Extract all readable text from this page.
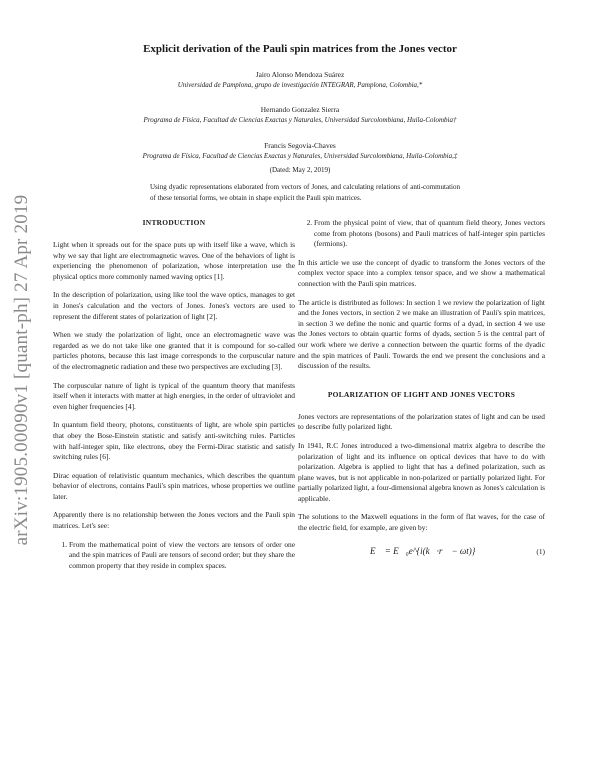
arXiv:1905.00090v1 [quant-ph] 27 Apr 2019
Explicit derivation of the Pauli spin matrices from the Jones vector
Jairo Alonso Mendoza Suárez
Universidad de Pamplona, grupo de investigación INTEGRAR, Pamplona, Colombia,*
Hernando Gonzalez Sierra
Programa de Física, Facultad de Ciencias Exactas y Naturales, Universidad Surcolombiana, Huila-Colombia†
Francis Segovia-Chaves
Programa de Física, Facultad de Ciencias Exactas y Naturales, Universidad Surcolombiana, Huila-Colombia,‡
(Dated: May 2, 2019)
Using dyadic representations elaborated from vectors of Jones, and calculating relations of anti-commutation of these tensorial forms, we obtain in shape explicit the Pauli spin matrices.
INTRODUCTION

Light when it spreads out for the space puts up with itself like a wave, which is why we say that light are electromagnetic waves. One of the behaviors of light is experiencing the phenomenon of polarization, whose interpretation use the physical optics more commonly named waving optics [1].

In the description of polarization, using like tool the wave optics, manages to get in Jones's calculation and the vectors of Jones. Jones's vectors are used to represent the different states of polarization of light [2].

When we study the polarization of light, once an electromagnetic wave was regarded as we do not take like one granted that it is compound for so-called particles photons, because this last image corresponds to the corpuscular nature of the electromagnetic radiation and these two perspectives are excluding [3].

The corpuscular nature of light is typical of the quantum theory that manifests itself when it interacts with matter at high energies, in the order of ultraviolet and even higher frequencies [4].

In quantum field theory, photons, constituents of light, are whole spin particles that obey the Bose-Einstein statistic and satisfy anti-switching rules. Particles with half-integer spin, like electrons, obey the Fermi-Dirac statistic and satisfy switching rules [6].

Dirac equation of relativistic quantum mechanics, which describes the quantum behavior of electrons, contains Pauli's spin matrices, whose properties we outline later.

Apparently there is no relationship between the Jones vectors and the Pauli spin matrices. Let's see:

1. From the mathematical point of view the vectors are tensors of order one and the spin matrices of Pauli are tensors of second order; but they share the common property that they reside in complex spaces.
2. From the physical point of view, that of quantum field theory, Jones vectors come from photons (bosons) and Pauli matrices of half-integer spin particles (fermions).

In this article we use the concept of dyadic to transform the Jones vectors of the complex vector space into a complex tensor space, and we show a mathematical connection with the Pauli spin matrices.

The article is distributed as follows: In section 1 we review the polarization of light and the Jones vectors, in section 2 we make an illustration of Pauli's spin matrices, in section 3 we define the nonic and quartic forms of a dyad, in section 4 we use the Jones vectors to obtain quartic forms of dyads, section 5 is the central part of our work where we derive a connection between the quartic forms of the dyadic and the spin matrices of Pauli. Towards the end we present the conclusions and a discussion of the results.

POLARIZATION OF LIGHT AND JONES VECTORS

Jones vectors are representations of the polarization states of light and can be used to describe fully polarized light.

In 1941, R.C Jones introduced a two-dimensional matrix algebra to describe the polarization of light and its influence on optical devices that have to do with polarization. Algebra is applied to light that has a defined polarization, such as plane waves, but is not applicable in non-polarized or partially polarized light. For partially polarized light, a four-dimensional algebra known as Jones's calculation is applicable.

The solutions to the Maxwell equations in the form of flat waves, for the case of the electric field, for example, are given by:

E⃗ = E⃗₀e^{i(k⃗·r⃗ − ωt)}	(1)
